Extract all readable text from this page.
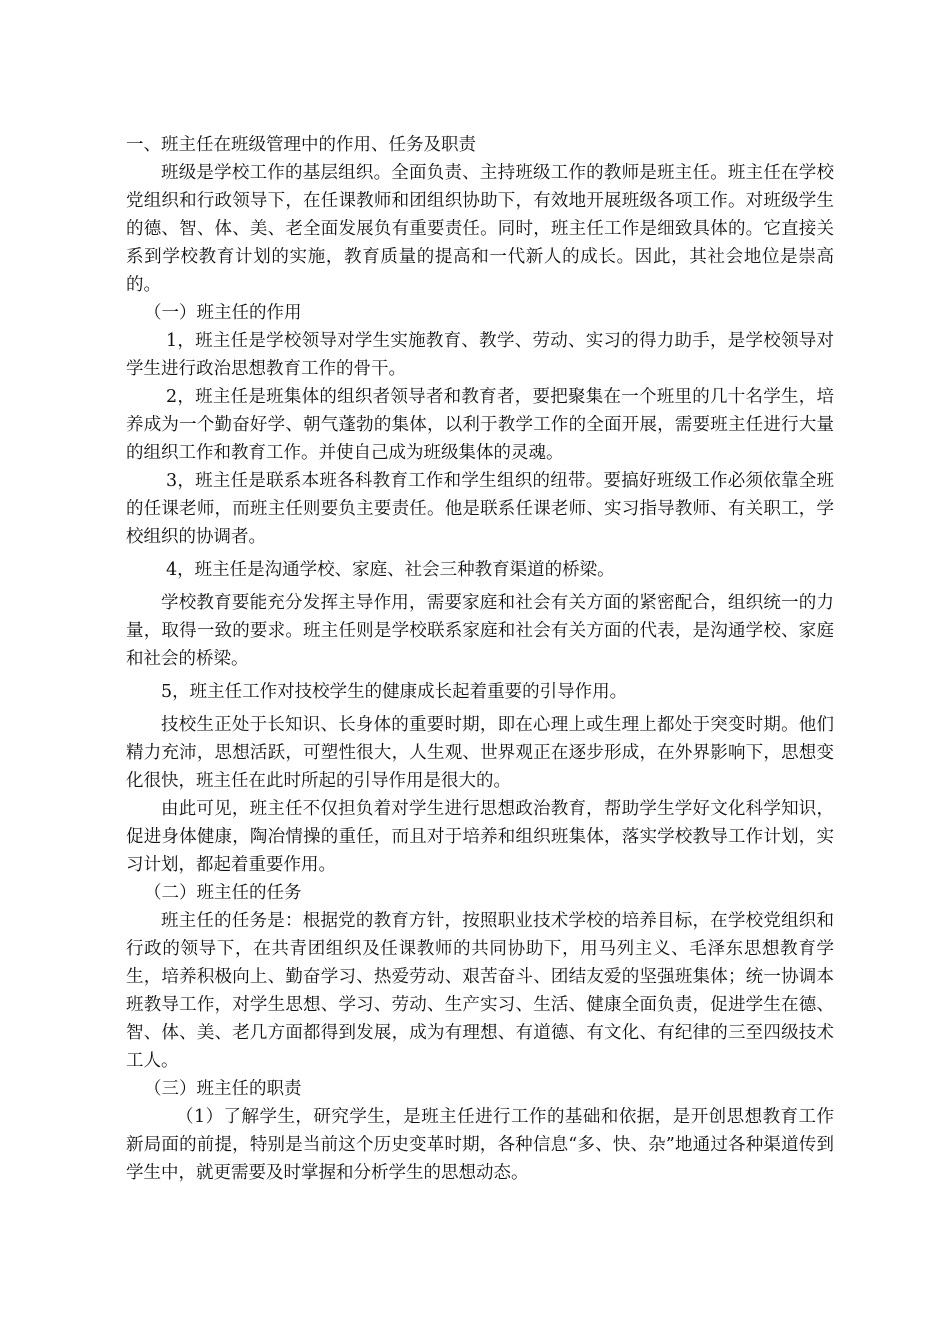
一、班主任在班级管理中的作用、任务及职责

班级是学校工作的基层组织。全面负责、主持班级工作的教师是班主任。班主任在学校党组织和行政领导下，在任课教师和团组织协助下，有效地开展班级各项工作。对班级学生的德、智、体、美、老全面发展负有重要责任。同时，班主任工作是细致具体的。它直接关系到学校教育计划的实施，教育质量的提高和一代新人的成长。因此，其社会地位是崇高的。

（一）班主任的作用

1，班主任是学校领导对学生实施教育、教学、劳动、实习的得力助手，是学校领导对学生进行政治思想教育工作的骨干。

2，班主任是班集体的组织者领导者和教育者，要把聚集在一个班里的几十名学生，培养成为一个勤奋好学、朝气蓬勃的集体，以利于教学工作的全面开展，需要班主任进行大量的组织工作和教育工作。并使自己成为班级集体的灵魂。

3，班主任是联系本班各科教育工作和学生组织的纽带。要搞好班级工作必须依靠全班的任课老师，而班主任则要负主要责任。他是联系任课老师、实习指导教师、有关职工，学校组织的协调者。

4，班主任是沟通学校、家庭、社会三种教育渠道的桥梁。

学校教育要能充分发挥主导作用，需要家庭和社会有关方面的紧密配合，组织统一的力量，取得一致的要求。班主任则是学校联系家庭和社会有关方面的代表，是沟通学校、家庭和社会的桥梁。

5，班主任工作对技校学生的健康成长起着重要的引导作用。

技校生正处于长知识、长身体的重要时期，即在心理上或生理上都处于突变时期。他们精力充沛，思想活跃，可塑性很大，人生观、世界观正在逐步形成，在外界影响下，思想变化很快，班主任在此时所起的引导作用是很大的。

由此可见，班主任不仅担负着对学生进行思想政治教育，帮助学生学好文化科学知识，促进身体健康，陶冶情操的重任，而且对于培养和组织班集体，落实学校教导工作计划，实习计划，都起着重要作用。

（二）班主任的任务

班主任的任务是：根据党的教育方针，按照职业技术学校的培养目标，在学校党组织和行政的领导下，在共青团组织及任课教师的共同协助下，用马列主义、毛泽东思想教育学生，培养积极向上、勤奋学习、热爱劳动、艰苦奋斗、团结友爱的坚强班集体；统一协调本班教导工作，对学生思想、学习、劳动、生产实习、生活、健康全面负责，促进学生在德、智、体、美、老几方面都得到发展，成为有理想、有道德、有文化、有纪律的三至四级技术工人。

（三）班主任的职责

（1）了解学生，研究学生，是班主任进行工作的基础和依据，是开创思想教育工作新局面的前提，特别是当前这个历史变革时期，各种信息“多、快、杂”地通过各种渠道传到学生中，就更需要及时掌握和分析学生的思想动态。
